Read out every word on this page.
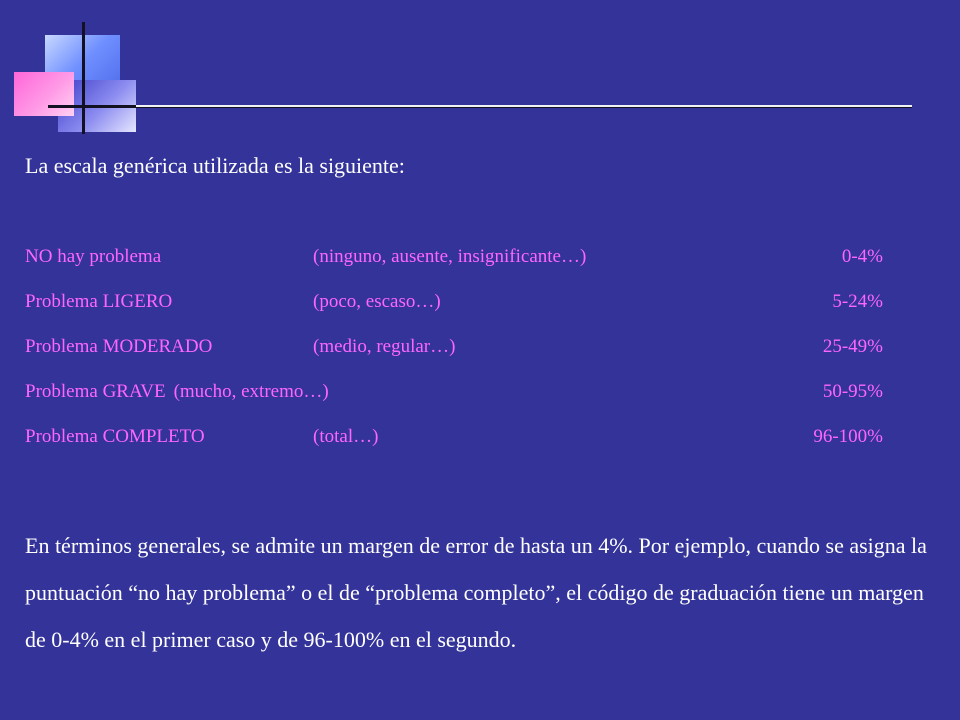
La escala genérica utilizada es la siguiente:
NO hay problema	(ninguno, ausente, insignificante…)	0-4%
Problema LIGERO	(poco, escaso…)	5-24%
Problema MODERADO	(medio, regular…)	25-49%
Problema GRAVE (mucho, extremo…)	50-95%
Problema COMPLETO	(total…)	96-100%

En términos generales, se admite un margen de error de hasta un 4%. Por ejemplo, cuando se asigna la puntuación “no hay problema” o el de “problema completo”, el código de graduación tiene un margen de 0-4% en el primer caso y de 96-100% en el segundo.
